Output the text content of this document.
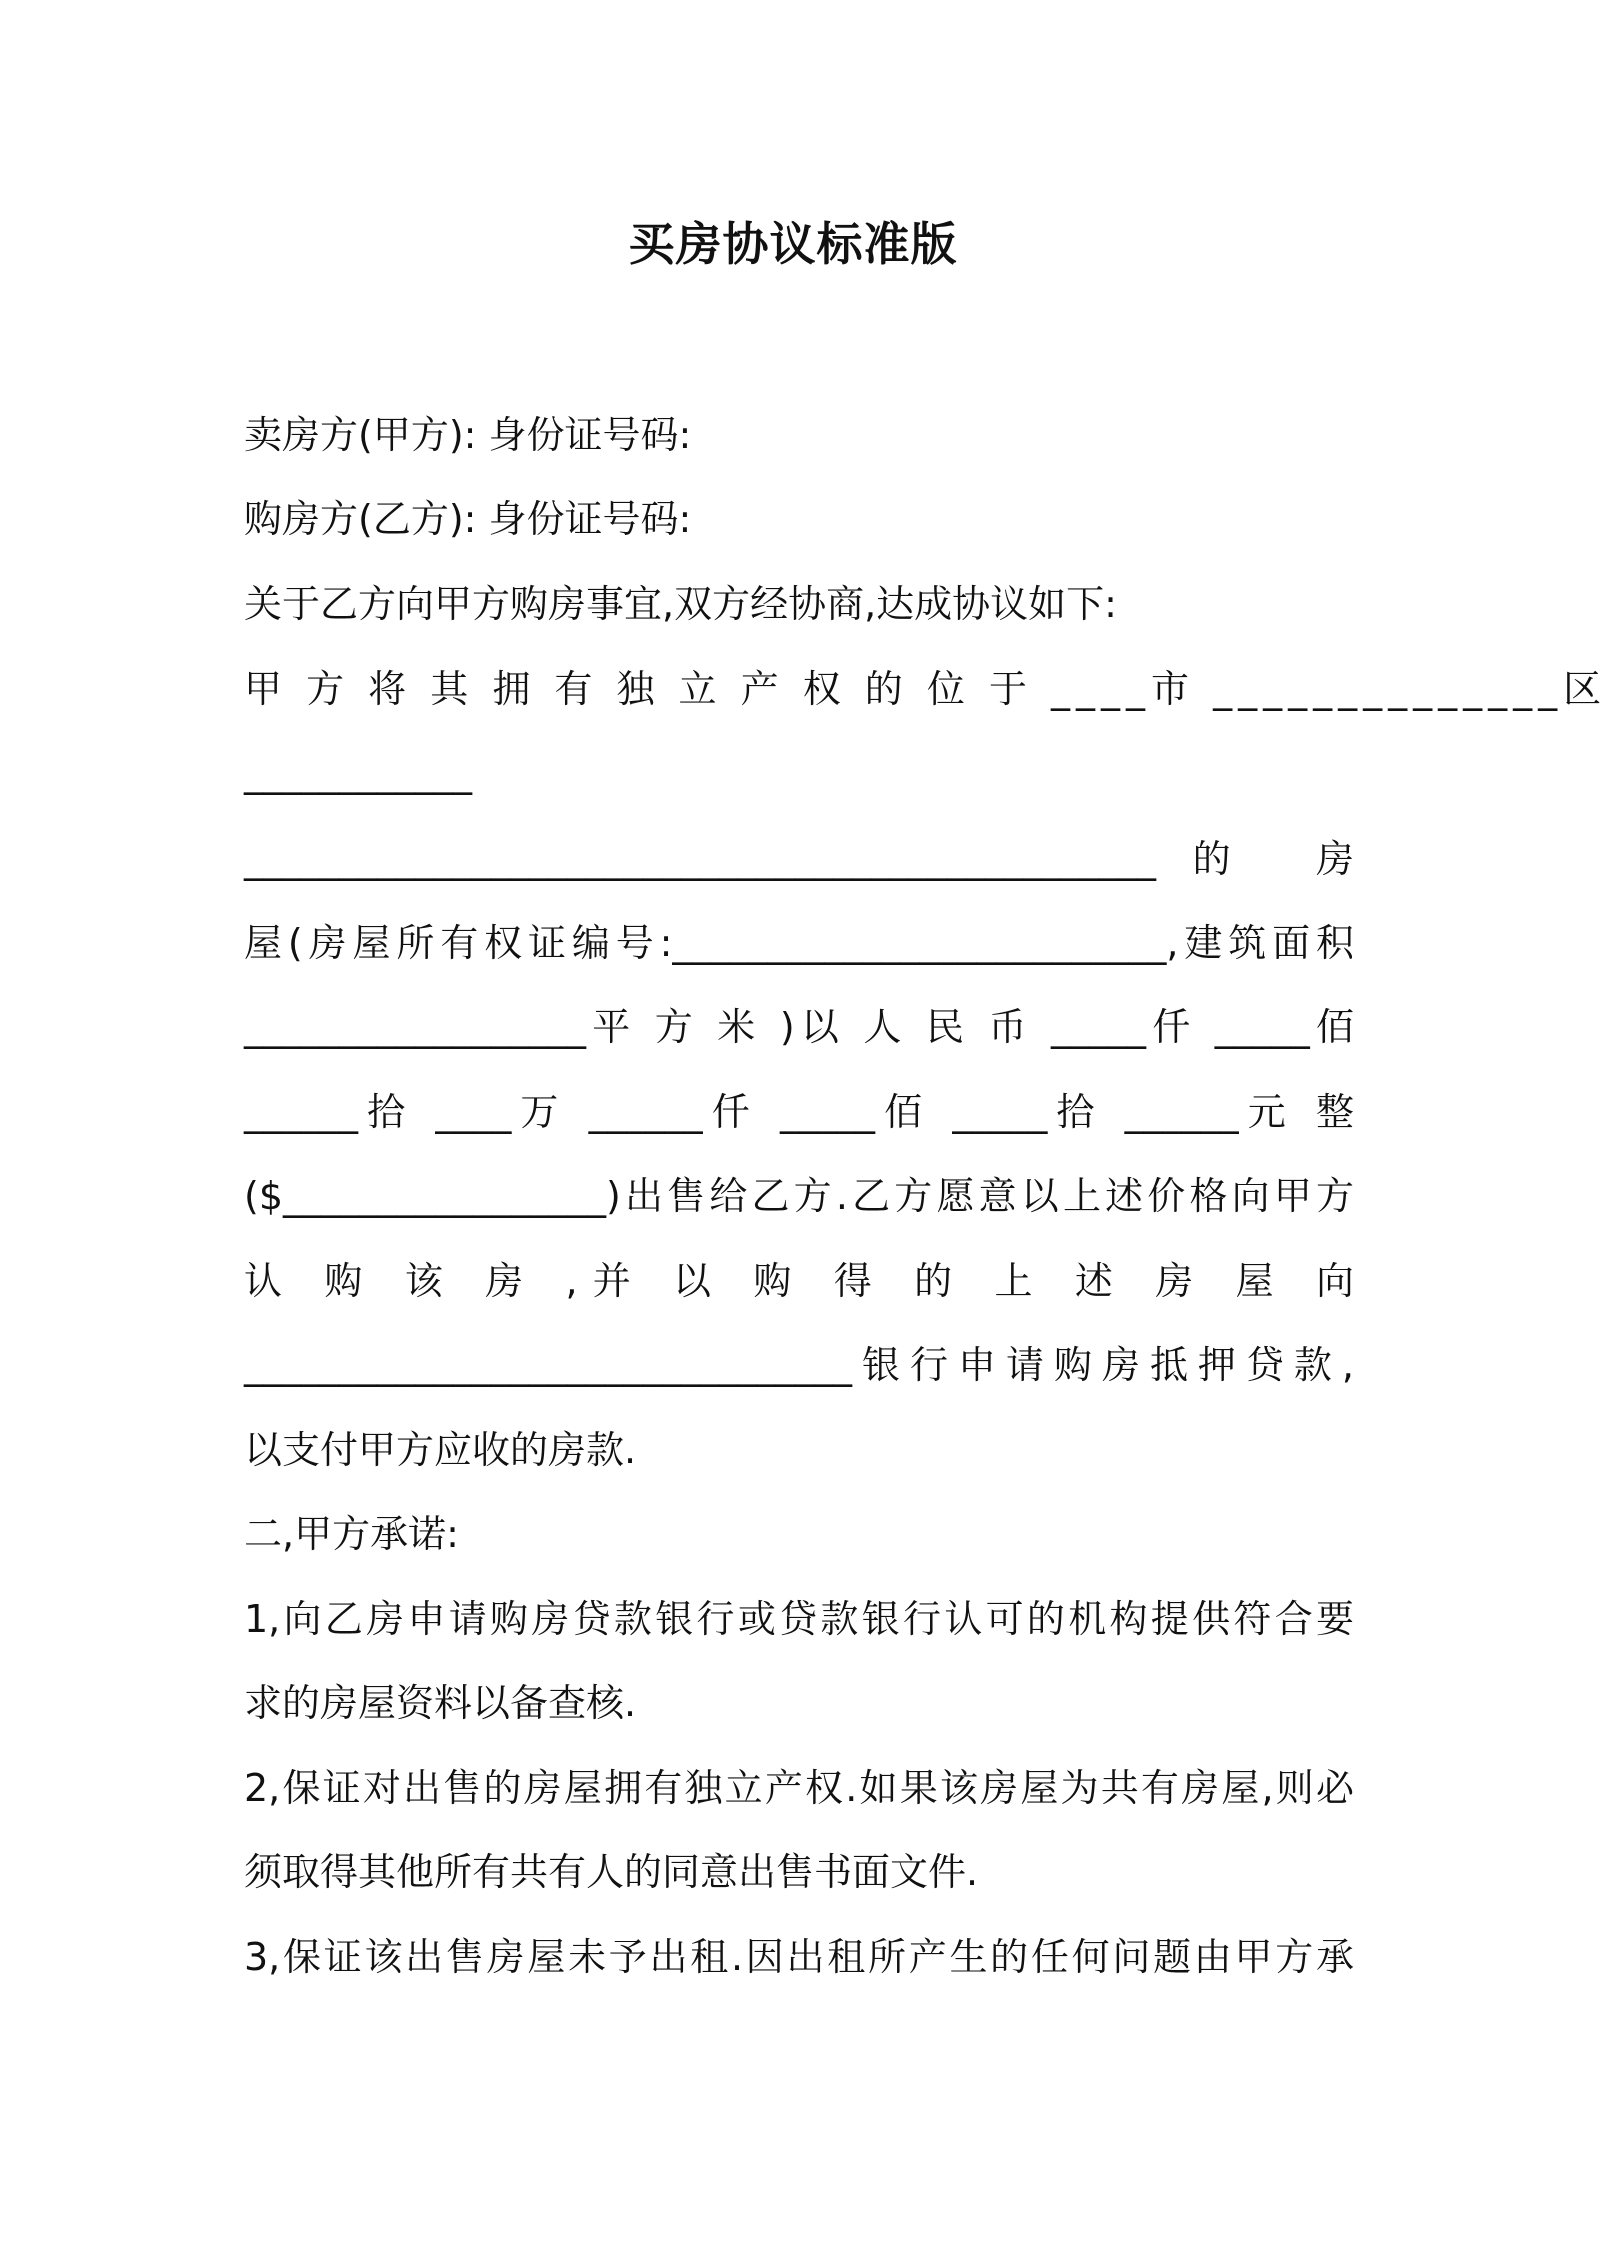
买房协议标准版

卖房方(甲方): 身份证号码:

购房方(乙方): 身份证号码:

关于乙方向甲方购房事宜,双方经协商,达成协议如下:

甲 方 将 其 拥 有 独 立 产 权 的 位 于 ____市 ______________区

____________

________________________________________________的 房

屋(房屋所有权证编号:__________________________,建筑面积

__________________平 方 米 )以 人 民 币 _____仟 _____佰

______拾 ____万 ______仟 _____佰 _____拾 ______元 整

($_________________)出售给乙方.乙方愿意以上述价格向甲方

认 购 该 房 ,并 以 购 得 的 上 述 房 屋 向

________________________________银行申请购房抵押贷款,

以支付甲方应收的房款.

二,甲方承诺:

1,向乙房申请购房贷款银行或贷款银行认可的机构提供符合要

求的房屋资料以备查核.

2,保证对出售的房屋拥有独立产权.如果该房屋为共有房屋,则必

须取得其他所有共有人的同意出售书面文件.

3,保证该出售房屋未予出租.因出租所产生的任何问题由甲方承
